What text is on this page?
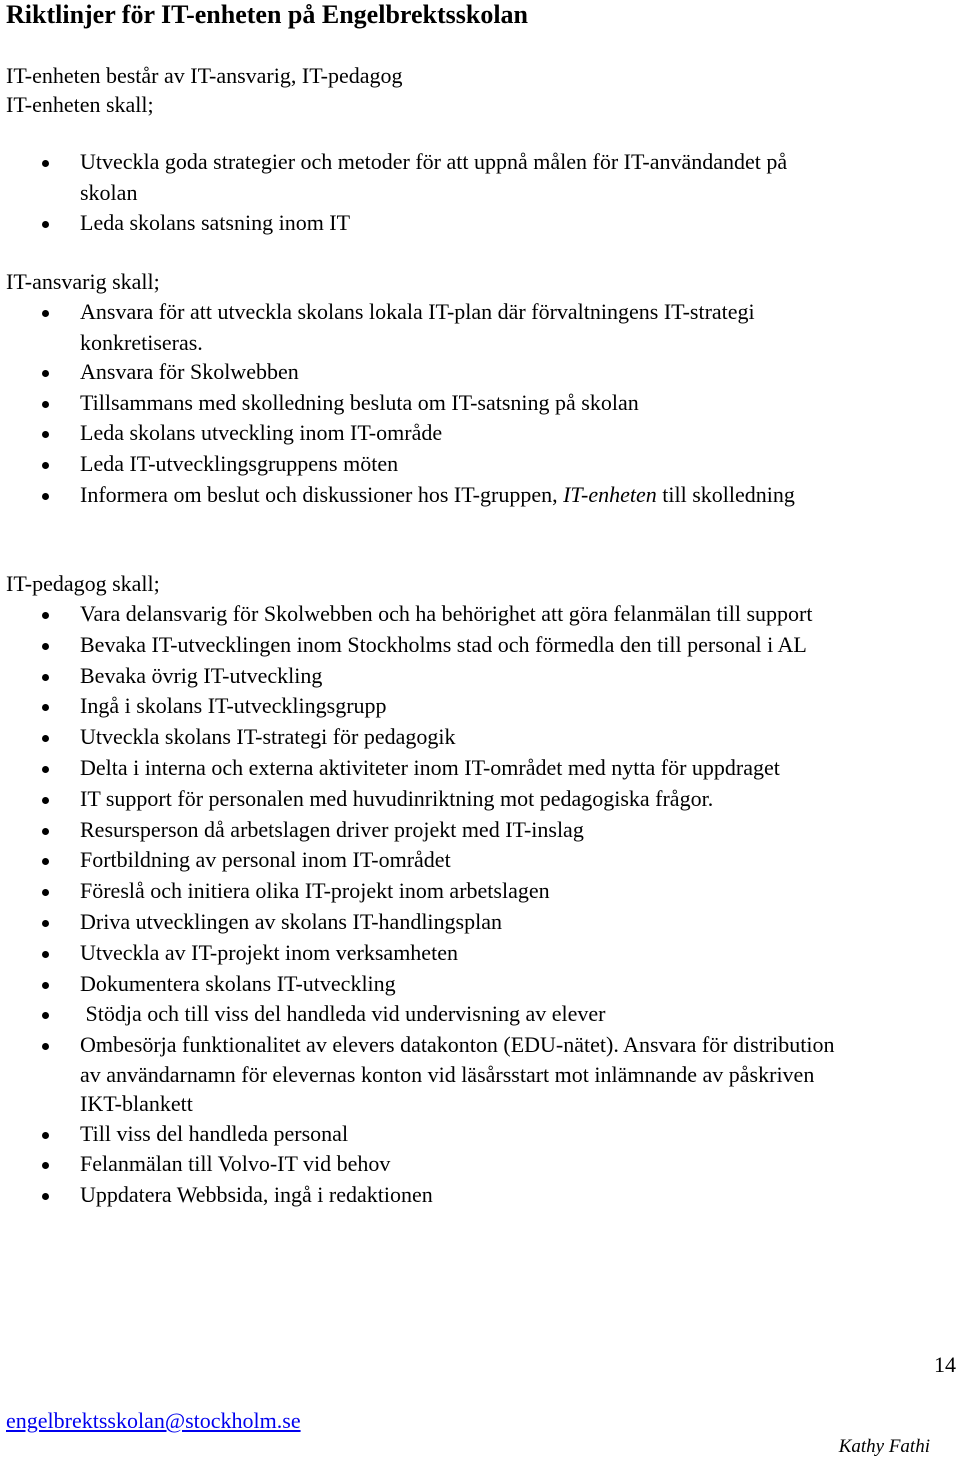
Riktlinjer för IT-enheten på Engelbrektsskolan
IT-enheten består av IT-ansvarig, IT-pedagog
IT-enheten skall;
Utveckla goda strategier och metoder för att uppnå målen för IT-användandet på
skolan
Leda skolans satsning inom IT
IT-ansvarig skall;
Ansvara för att utveckla skolans lokala IT-plan där förvaltningens IT-strategi
konkretiseras.
Ansvara för Skolwebben
Tillsammans med skolledning besluta om IT-satsning på skolan
Leda skolans utveckling inom IT-område
Leda IT-utvecklingsgruppens möten
Informera om beslut och diskussioner hos IT-gruppen, IT-enheten till skolledning
IT-pedagog skall;
Vara delansvarig för Skolwebben och ha behörighet att göra felanmälan till support
Bevaka IT-utvecklingen inom Stockholms stad och förmedla den till personal i AL
Bevaka övrig IT-utveckling
Ingå i skolans IT-utvecklingsgrupp
Utveckla skolans IT-strategi för pedagogik
Delta i interna och externa aktiviteter inom IT-området med nytta för uppdraget
IT support för personalen med huvudinriktning mot pedagogiska frågor.
Resursperson då arbetslagen driver projekt med IT-inslag
Fortbildning av personal inom IT-området
Föreslå och initiera olika IT-projekt inom arbetslagen
Driva utvecklingen av skolans IT-handlingsplan
Utveckla av IT-projekt inom verksamheten
Dokumentera skolans IT-utveckling
Stödja och till viss del handleda vid undervisning av elever
Ombesörja funktionalitet av elevers datakonton (EDU-nätet). Ansvara för distribution
av användarnamn för elevernas konton vid läsårsstart mot inlämnande av påskriven
IKT-blankett
Till viss del handleda personal
Felanmälan till Volvo-IT vid behov
Uppdatera Webbsida, ingå i redaktionen
14
engelbrektsskolan@stockholm.se
Kathy Fathi
